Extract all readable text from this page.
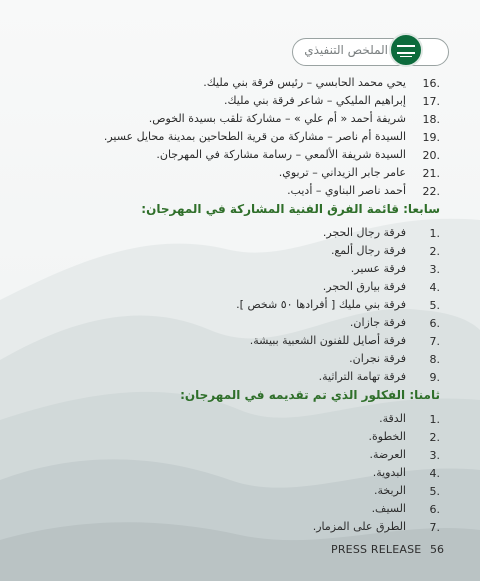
الملخص التنفيذي
16.
يحي محمد الحابسي – رئيس فرقة بني مليك.
17.
إبراهيم المليكي – شاعر فرقة بني مليك.
18.
شريفة أحمد « أم علي » – مشاركة تلقب بسيدة الخوص.
19.
السيدة أم ناصر – مشاركة من قرية الطحاحين بمدينة محايل عسير.
20.
السيدة شريفة الألمعي – رسامة مشاركة في المهرجان.
21.
عامر جابر الزيداني – تربوي.
22.
أحمد ناصر البناوي – أديب.
سابعا: قائمة الفرق الفنية المشاركة في المهرجان:
1.
فرقة رجال الحجر.
2.
فرقة رجال ألمع.
3.
فرقة عسير.
4.
فرقة بيارق الحجر.
5.
فرقة بني مليك [ أفرادها ٥٠ شخص ].
6.
فرقة جازان.
7.
فرقة أصايل للفنون الشعبية ببيشة.
8.
فرقة نجران.
9.
فرقة تهامة التراثية.
ثامنا: الفكلور الذي تم تقديمه في المهرجان:
1.
الدقة.
2.
الخطوة.
3.
العرضة.
4.
البدوية.
5.
الربخة.
6.
السيف.
7.
الطرق على المزمار.
PRESS RELEASE 56
